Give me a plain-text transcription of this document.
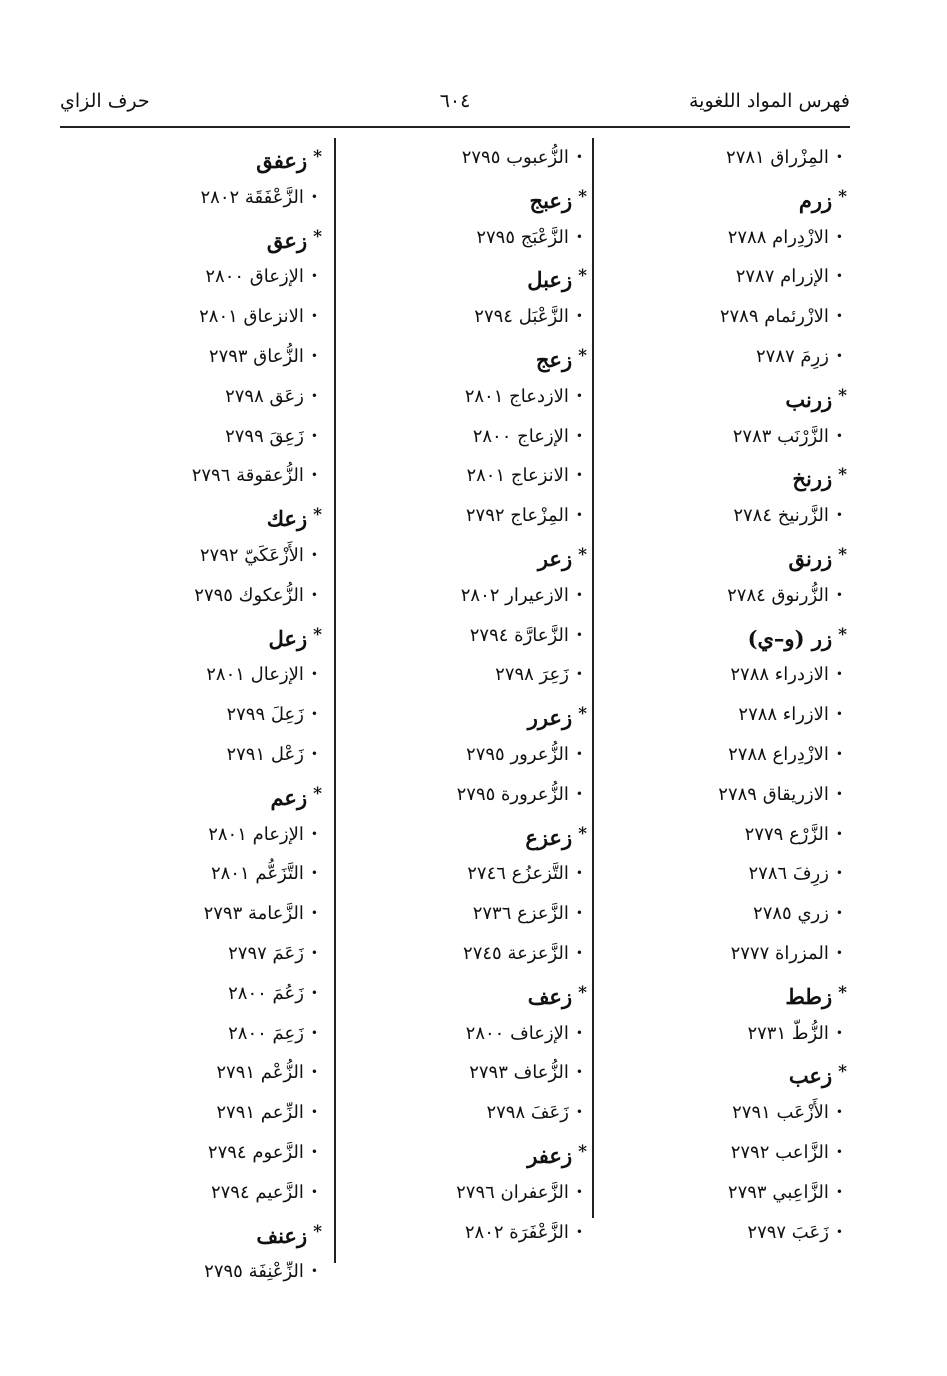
فهرس المواد اللغوية
٦٠٤
حرف الزاي
•المِزْراق ٢٧٨١
*زرم
•الازْدِرام ٢٧٨٨
•الإزرام ٢٧٨٧
•الازْرئمام ٢٧٨٩
•زرِمَ ٢٧٨٧
*زرنب
•الزَّرْنَب ٢٧٨٣
*زرنخ
•الزَّرنيخ ٢٧٨٤
*زرنق
•الزُّرنوق ٢٧٨٤
*زر (و–ي)
•الازدراء ٢٧٨٨
•الازراء ٢٧٨٨
•الازْدِراع ٢٧٨٨
•الازريقاق ٢٧٨٩
•الزَّرْع ٢٧٧٩
•زرِفَ ٢٧٨٦
•زري ٢٧٨٥
•المزراة ٢٧٧٧
*زطط
•الزُّطّ ٢٧٣١
*زعب
•الأَزْعَب ٢٧٩١
•الزَّاعب ٢٧٩٢
•الزَّاعِبي ٢٧٩٣
•زَعَبَ ٢٧٩٧
•الزُّعبوب ٢٧٩٥
*زعبج
•الزَّعْبَج ٢٧٩٥
*زعبل
•الزَّعْبَل ٢٧٩٤
*زعج
•الازدعاج ٢٨٠١
•الإزعاج ٢٨٠٠
•الانزعاج ٢٨٠١
•المِزْعاج ٢٧٩٢
*زعر
•الازعيرار ٢٨٠٢
•الزَّعارَّة ٢٧٩٤
•زَعِرَ ٢٧٩٨
*زعرر
•الزُّعرور ٢٧٩٥
•الزُّعرورة ٢٧٩٥
*زعزع
•التَّزعزُع ٢٧٤٦
•الزَّعزع ٢٧٣٦
•الزَّعزعة ٢٧٤٥
*زعف
•الإزعاف ٢٨٠٠
•الزُّعاف ٢٧٩٣
•زَعَفَ ٢٧٩٨
*زعفر
•الزَّعفران ٢٧٩٦
•الزَّعْفَرَة ٢٨٠٢
*زعفق
•الزَّعْفَقَة ٢٨٠٢
*زعق
•الإزعاق ٢٨٠٠
•الانزعاق ٢٨٠١
•الزُّعاق ٢٧٩٣
•زعَق ٢٧٩٨
•زَعِقَ ٢٧٩٩
•الزُّعقوقة ٢٧٩٦
*زعك
•الأَزْعَكَيّ ٢٧٩٢
•الزُّعكوك ٢٧٩٥
*زعل
•الإزعال ٢٨٠١
•زَعِلَ ٢٧٩٩
•زَعْل ٢٧٩١
*زعم
•الإزعام ٢٨٠١
•التَّزَعُّم ٢٨٠١
•الزَّعامة ٢٧٩٣
•زَعَمَ ٢٧٩٧
•زَعُمَ ٢٨٠٠
•زَعِمَ ٢٨٠٠
•الزُّعْم ٢٧٩١
•الزِّعم ٢٧٩١
•الزَّعوم ٢٧٩٤
•الزَّعيم ٢٧٩٤
*زعنف
•الزِّعْنِفَة ٢٧٩٥
